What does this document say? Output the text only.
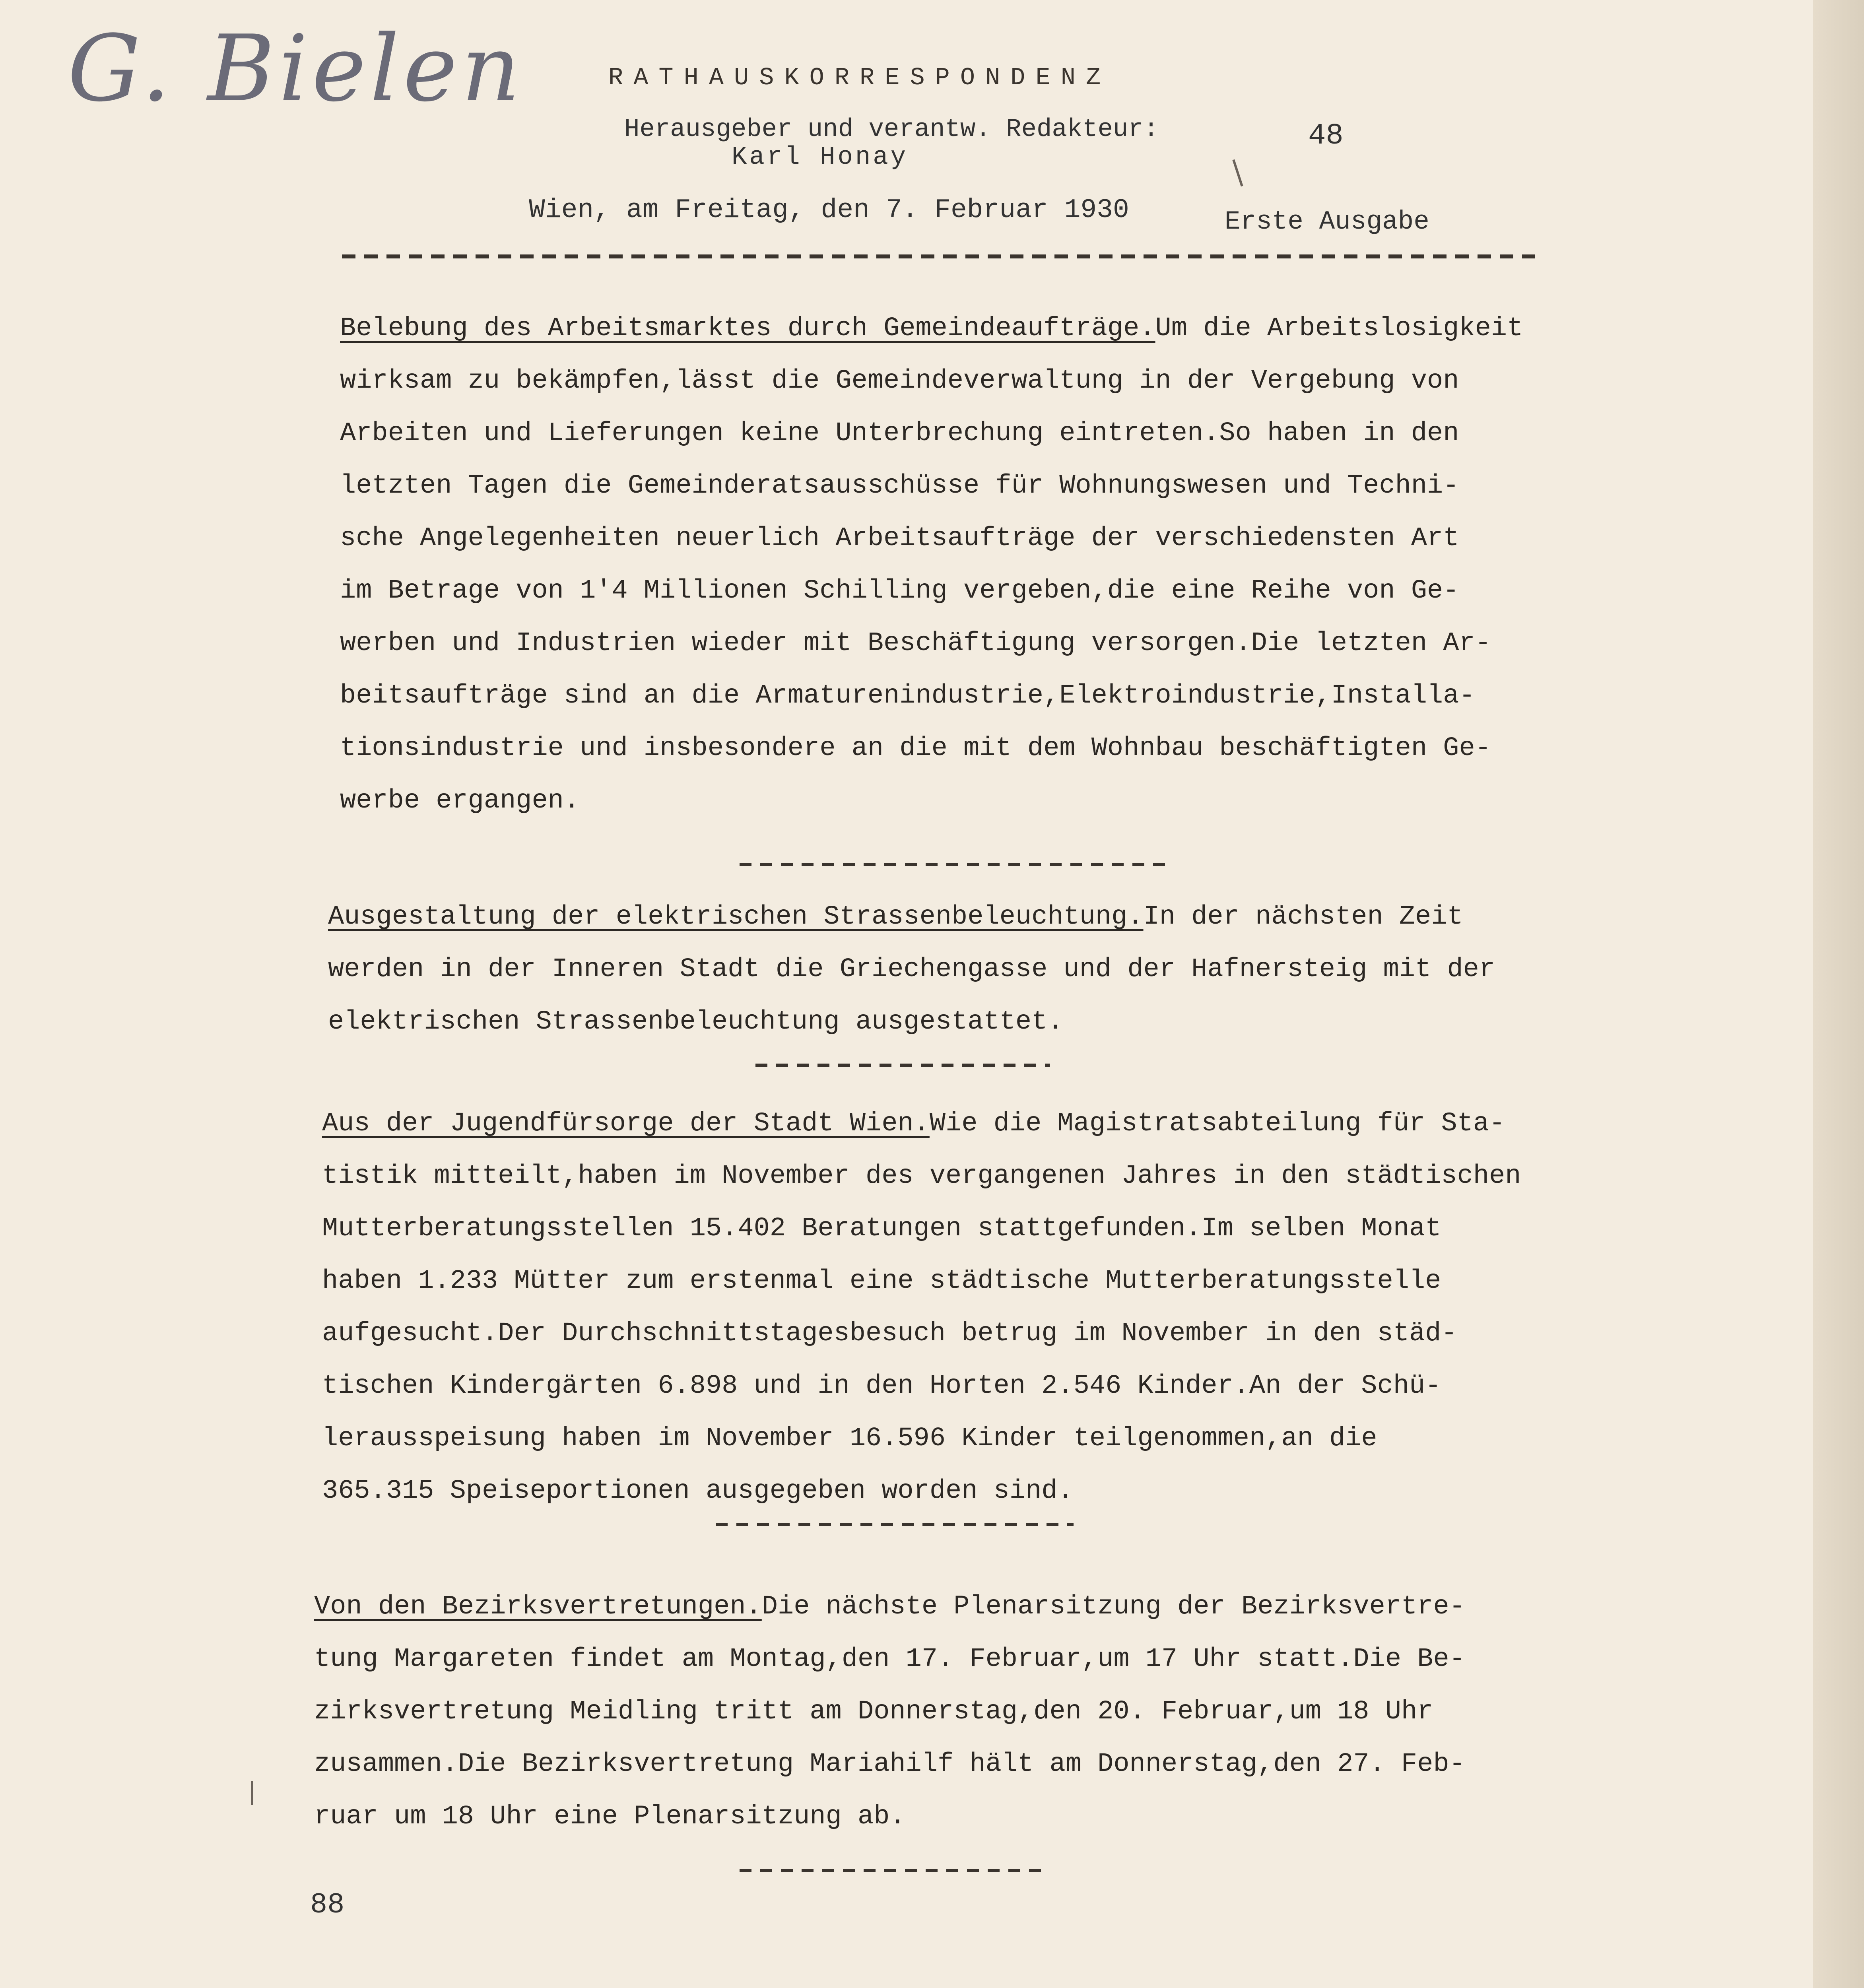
G. Bielen	RATHAUSKORRESPONDENZ
Herausgeber und verantw. Redakteur:
Karl Honay
48
Wien, am Freitag, den 7. Februar 1930	Erste Ausgabe

Belebung des Arbeitsmarktes durch Gemeindeaufträge.Um die Arbeitslosigkeit

wirksam zu bekämpfen,lässt die Gemeindeverwaltung in der Vergebung von

Arbeiten und Lieferungen keine Unterbrechung eintreten.So haben in den

letzten Tagen die Gemeinderatsausschüsse für Wohnungswesen und Techni-

sche Angelegenheiten neuerlich Arbeitsaufträge der verschiedensten Art

im Betrage von 1'4 Millionen Schilling vergeben,die eine Reihe von Ge-

werben und Industrien wieder mit Beschäftigung versorgen.Die letzten Ar-

beitsaufträge sind an die Armaturenindustrie,Elektroindustrie,Installa-

tionsindustrie und insbesondere an die mit dem Wohnbau beschäftigten Ge-

werbe ergangen.

Ausgestaltung der elektrischen Strassenbeleuchtung.In der nächsten Zeit

werden in der Inneren Stadt die Griechengasse und der Hafnersteig mit der

elektrischen Strassenbeleuchtung ausgestattet.

Aus der Jugendfürsorge der Stadt Wien.Wie die Magistratsabteilung für Sta-

tistik mitteilt,haben im November des vergangenen Jahres in den städtischen

Mutterberatungsstellen 15.402 Beratungen stattgefunden.Im selben Monat

haben 1.233 Mütter zum erstenmal eine städtische Mutterberatungsstelle

aufgesucht.Der Durchschnittstagesbesuch betrug im November in den städ-

tischen Kindergärten 6.898 und in den Horten 2.546 Kinder.An der Schü-

lerausspeisung haben im November 16.596 Kinder teilgenommen,an die

365.315 Speiseportionen ausgegeben worden sind.

Von den Bezirksvertretungen.Die nächste Plenarsitzung der Bezirksvertre-

tung Margareten findet am Montag,den 17. Februar,um 17 Uhr statt.Die Be-

zirksvertretung Meidling tritt am Donnerstag,den 20. Februar,um 18 Uhr

zusammen.Die Bezirksvertretung Mariahilf hält am Donnerstag,den 27. Feb-

ruar um 18 Uhr eine Plenarsitzung ab.

88
